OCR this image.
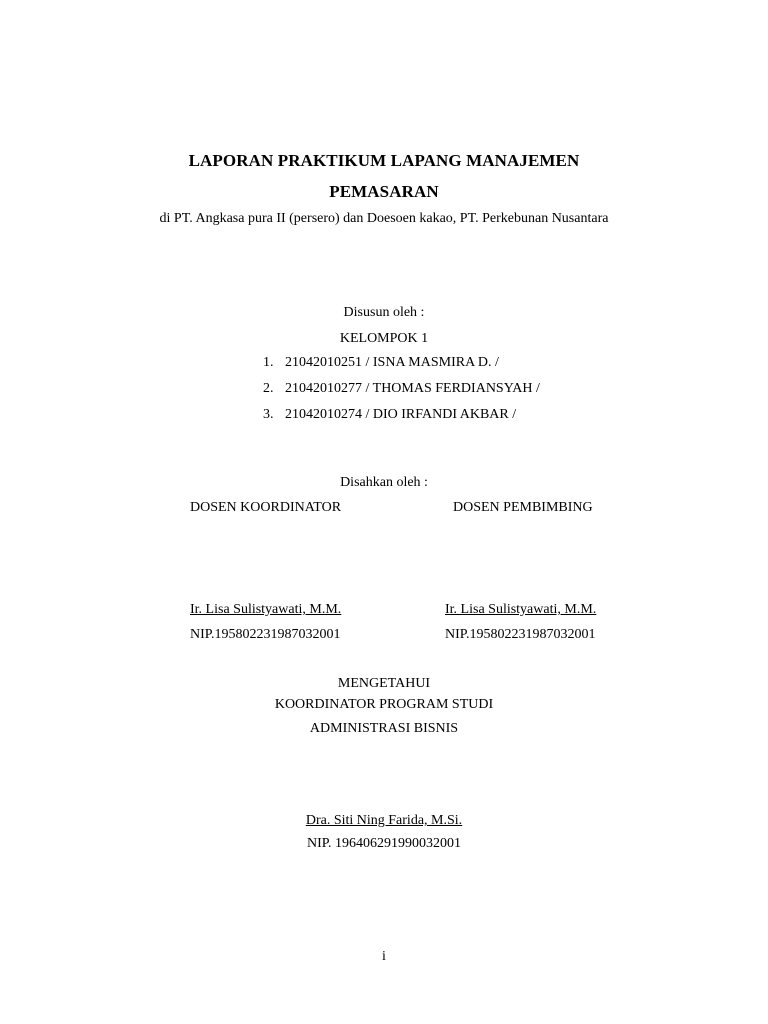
LAPORAN PRAKTIKUM LAPANG MANAJEMEN
PEMASARAN
di PT. Angkasa pura II (persero) dan Doesoen kakao, PT. Perkebunan Nusantara
Disusun oleh :
KELOMPOK 1
1. 21042010251 / ISNA MASMIRA D. /
2. 21042010277 / THOMAS FERDIANSYAH /
3. 21042010274 / DIO IRFANDI AKBAR /
Disahkan oleh :
DOSEN KOORDINATOR	DOSEN PEMBIMBING
Ir. Lisa Sulistyawati, M.M.	Ir. Lisa Sulistyawati, M.M.
NIP.195802231987032001	NIP.195802231987032001
MENGETAHUI
KOORDINATOR PROGRAM STUDI
ADMINISTRASI BISNIS
Dra. Siti Ning Farida, M.Si.
NIP. 196406291990032001
i
